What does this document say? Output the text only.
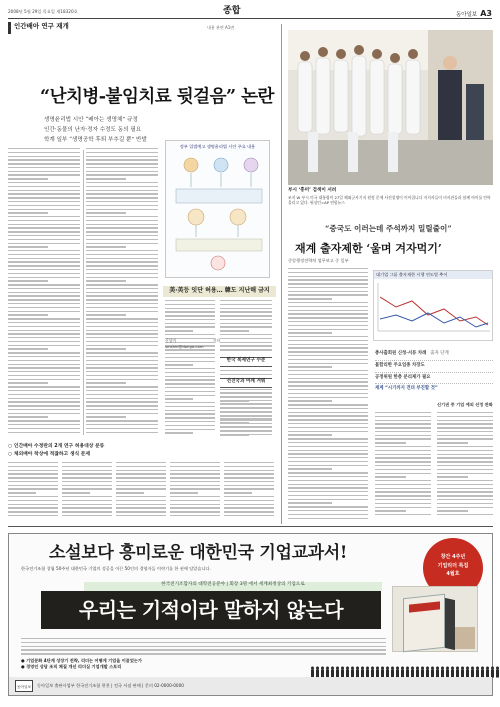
2008년 5월 29일 목요일 제18320호	종합	동아일보 A3
인간배아 연구 재개	내용 관련 A1면
“난치병-불임치료 뒷걸음” 논란
생명윤리법 시안 “배아는 생명체” 규정
인간·동물의 난자·정자 수정도 동의 필요
학계 일부 “생명공학 후퇴 부추길 뿐” 반발
정부 입법예고 생명윤리법 시안 주요 내용
美·英등 잇단 허용… 韓도 지난해 금지
한국 복제연구 수준
선진국과 어깨 겨뤄
신성미 기자 smshin@donga.com
○ 인간배아 수정란의 2개 연구 허용대상 분류
○ 체외배아 착상에 적잖하고 생식 문제
부시 ‘흥미’ 검색이 서려
조지 W 부시 미국 대통령이 27일 해외군사기지 원정 문제 사진설명이 이어집니다 지지자들이 비서관들과 함께 아이를 안아 올리고 있다. 워싱턴=AP 연합뉴스
“중국도 이러는데 주석까지 밀릴줄이”
재계 출자제한 ‘울며 겨자먹기’
중앙행정전략처 업무보고 중 일부
대기업 그룹 출자제한 시행 연도별 추이
총사출회원 신청·서류 차례 출자 단계
불합리한 주요업종 차장도
공정위원 한층 분리제가 필요
재계 “시기까지 견뎌 부진할 것”
신기권 중 기업 예외 선정 완화
소설보다 흥미로운 대한민국 기업교과서!
한국전기조합 창립 50주년 대한민국 기업의 성공을 이끈 50인의 경영자들 이야기를 한 권에 담았습니다.
창간 4주년
기업리더 특집
4월호
한국전기조합자의 대학전공분야 | 회장 3명 에서 세계최정상의 기업으로
우리는 기적이라 말하지 않는다
● 기업문화 4단계 성장기 전략, 리더는 어떻게 기업을 이끌었는가
● 경영인 상담 조직 체질 개선 리더십 기업개발 스토리
동아일보 출판사업부 한국전기조합 편찬 | 전국 서점 판매 | 문의 02-0000-0000
동아일보
